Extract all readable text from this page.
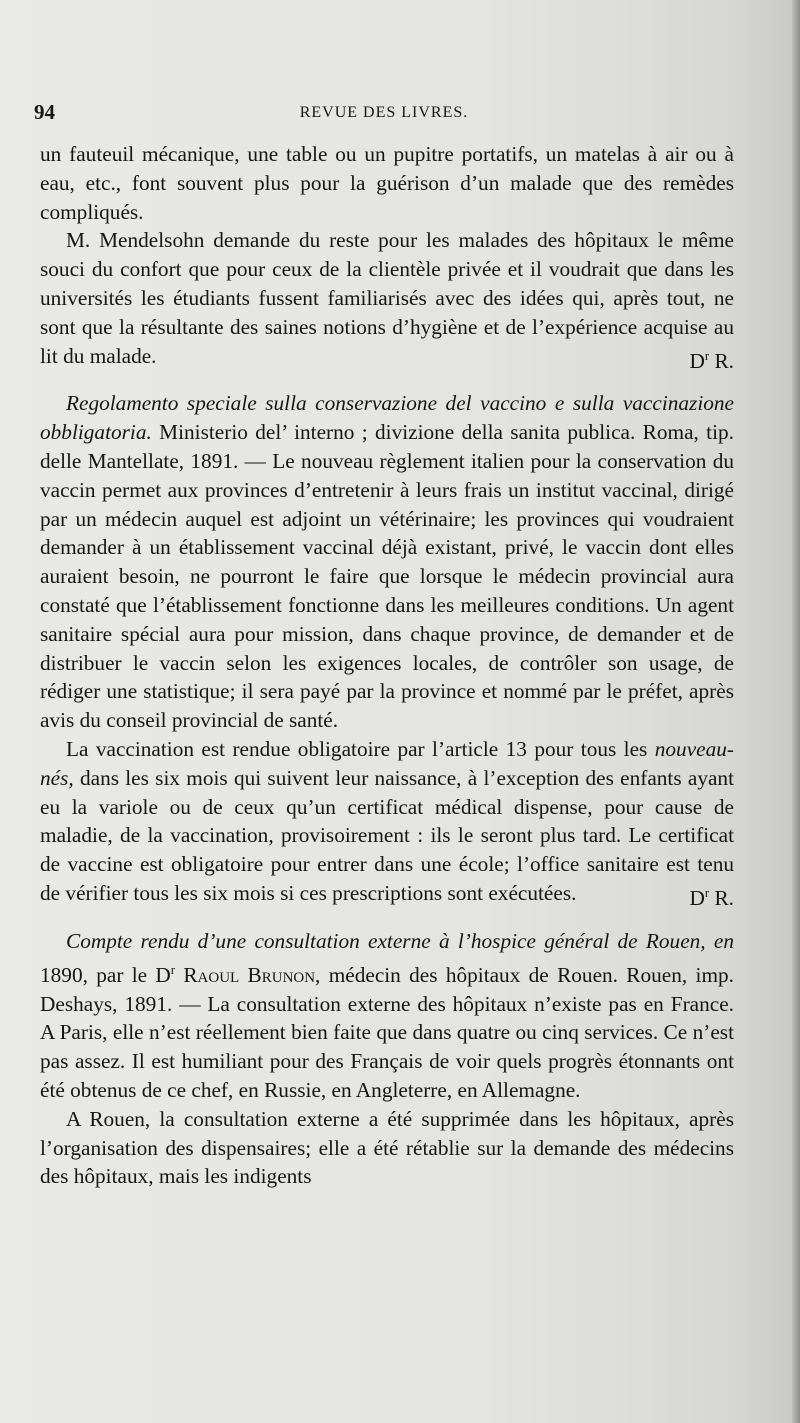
94	REVUE DES LIVRES.

un fauteuil mécanique, une table ou un pupitre portatifs, un matelas à air ou à eau, etc., font souvent plus pour la guérison d’un malade que des remèdes compliqués.

M. Mendelsohn demande du reste pour les malades des hôpitaux le même souci du confort que pour ceux de la clientèle privée et il voudrait que dans les universités les étudiants fussent familiarisés avec des idées qui, après tout, ne sont que la résultante des saines notions d’hygiène et de l’expérience acquise au lit du malade.	$D^r$ R.

Regolamento speciale sulla conservazione del vaccino e sulla vaccinazione obbligatoria. Ministerio del’ interno ; divizione della sanita publica. Roma, tip. delle Mantellate, 1891. — Le nouveau règlement italien pour la conservation du vaccin permet aux provinces d’entretenir à leurs frais un institut vaccinal, dirigé par un médecin auquel est adjoint un vétérinaire; les provinces qui voudraient demander à un établissement vaccinal déjà existant, privé, le vaccin dont elles auraient besoin, ne pourront le faire que lorsque le médecin provincial aura constaté que l’établissement fonctionne dans les meilleures conditions. Un agent sanitaire spécial aura pour mission, dans chaque province, de demander et de distribuer le vaccin selon les exigences locales, de contrôler son usage, de rédiger une statistique; il sera payé par la province et nommé par le préfet, après avis du conseil provincial de santé.

La vaccination est rendue obligatoire par l’article 13 pour tous les nouveau-nés, dans les six mois qui suivent leur naissance, à l’exception des enfants ayant eu la variole ou de ceux qu’un certificat médical dispense, pour cause de maladie, de la vaccination, provisoirement : ils le seront plus tard. Le certificat de vaccine est obligatoire pour entrer dans une école; l’office sanitaire est tenu de vérifier tous les six mois si ces prescriptions sont exécutées.	$D^r$ R.

Compte rendu d’une consultation externe à l’hospice général de Rouen, en 1890, par le $D^r$ Raoul Brunon, médecin des hôpitaux de Rouen. Rouen, imp. Deshays, 1891. — La consultation externe des hôpitaux n’existe pas en France. A Paris, elle n’est réellement bien faite que dans quatre ou cinq services. Ce n’est pas assez. Il est humiliant pour des Français de voir quels progrès étonnants ont été obtenus de ce chef, en Russie, en Angleterre, en Allemagne.

A Rouen, la consultation externe a été supprimée dans les hôpitaux, après l’organisation des dispensaires; elle a été rétablie sur la demande des médecins des hôpitaux, mais les indigents
